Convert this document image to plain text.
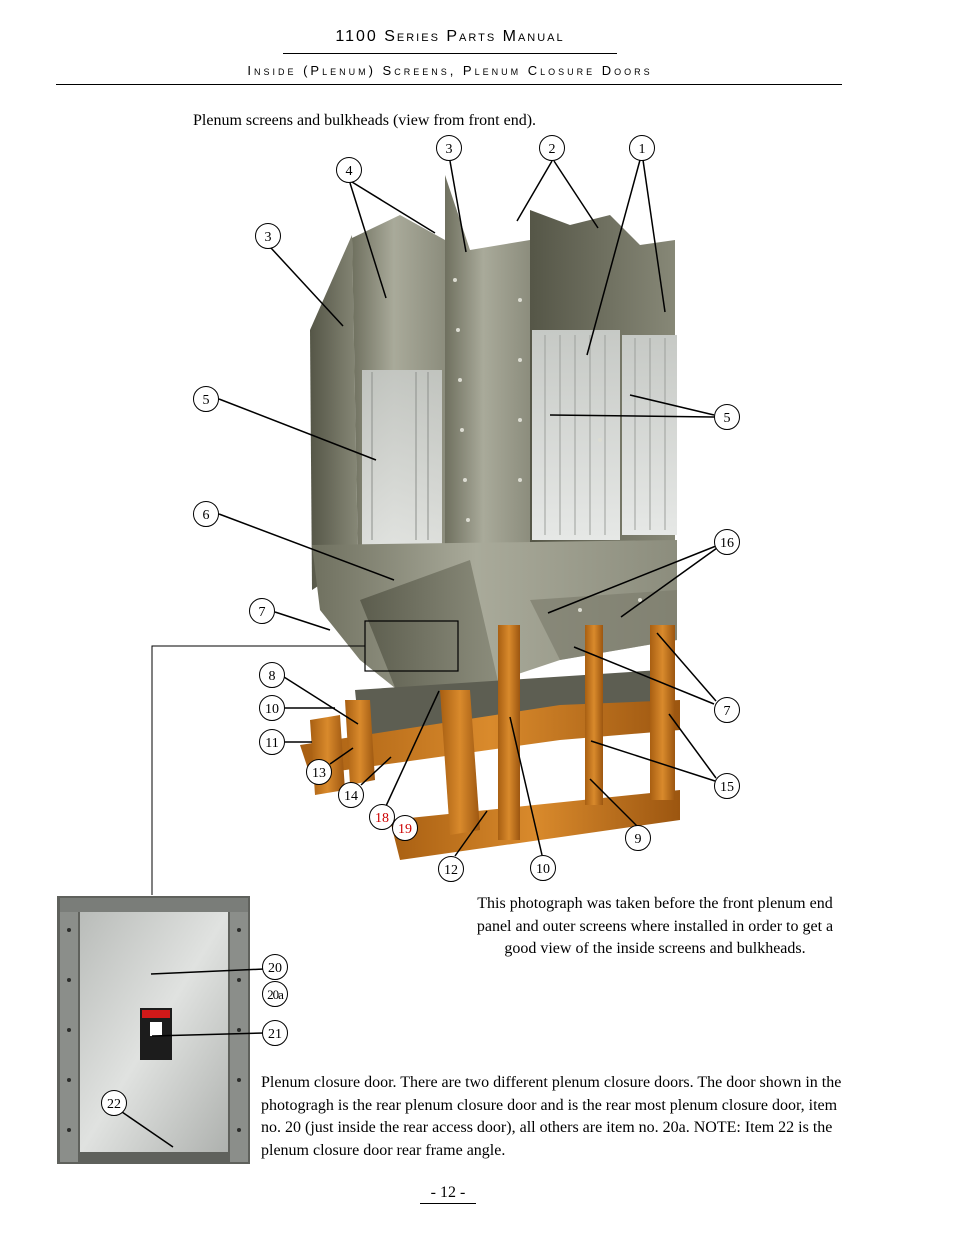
1100 Series Parts Manual
Inside (Plenum) Screens, Plenum Closure Doors
Plenum screens and bulkheads (view from front end).
1
2
3
4
3
5
5
6
16
7
7
8
10
11
13
14
18
19
15
9
12	10
20
20a
21
22
This photograph was taken before the front plenum end panel and outer screens where installed in order to get a good view of the inside screens and bulkheads.
Plenum closure door. There are two different plenum closure doors. The door shown in the photogragh is the rear plenum closure door and is the rear most plenum closure door, item no. 20 (just inside the rear access door), all others are item no. 20a. NOTE: Item 22 is the plenum closure door rear frame angle.
- 12 -
